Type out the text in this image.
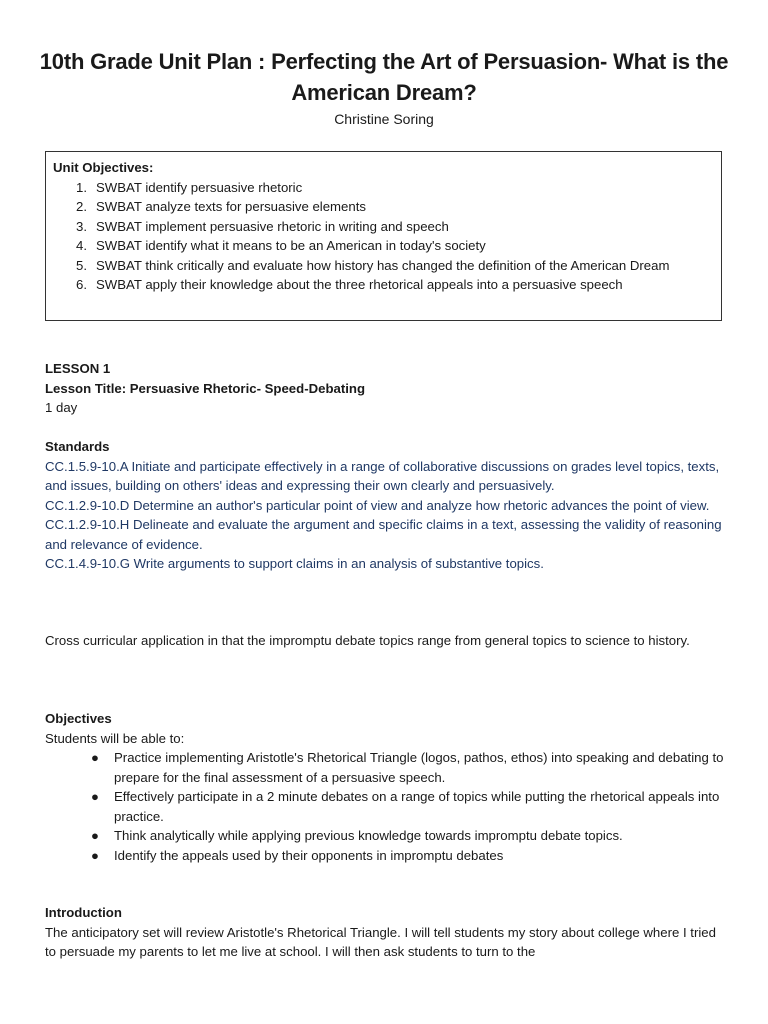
10th Grade Unit Plan : Perfecting the Art of Persuasion- What is the American Dream?
Christine Soring
Unit Objectives:
1. SWBAT identify persuasive rhetoric
2. SWBAT analyze texts for persuasive elements
3. SWBAT implement persuasive rhetoric in writing and speech
4. SWBAT identify what it means to be an American in today's society
5. SWBAT think critically and evaluate how history has changed the definition of the American Dream
6. SWBAT apply their knowledge about the three rhetorical appeals into a persuasive speech
LESSON 1
Lesson Title: Persuasive Rhetoric- Speed-Debating
1 day
Standards
CC.1.5.9-10.A Initiate and participate effectively in a range of collaborative discussions on grades level topics, texts, and issues, building on others' ideas and expressing their own clearly and persuasively.
CC.1.2.9-10.D Determine an author's particular point of view and analyze how rhetoric advances the point of view.
CC.1.2.9-10.H Delineate and evaluate the argument and specific claims in a text, assessing the validity of reasoning and relevance of evidence.
CC.1.4.9-10.G Write arguments to support claims in an analysis of substantive topics.
Cross curricular application in that the impromptu debate topics range from general topics to science to history.
Objectives
Students will be able to:
● Practice implementing Aristotle's Rhetorical Triangle (logos, pathos, ethos) into speaking and debating to prepare for the final assessment of a persuasive speech.
● Effectively participate in a 2 minute debates on a range of topics while putting the rhetorical appeals into practice.
● Think analytically while applying previous knowledge towards impromptu debate topics.
● Identify the appeals used by their opponents in impromptu debates
Introduction
The anticipatory set will review Aristotle's Rhetorical Triangle. I will tell students my story about college where I tried to persuade my parents to let me live at school. I will then ask students to turn to the
